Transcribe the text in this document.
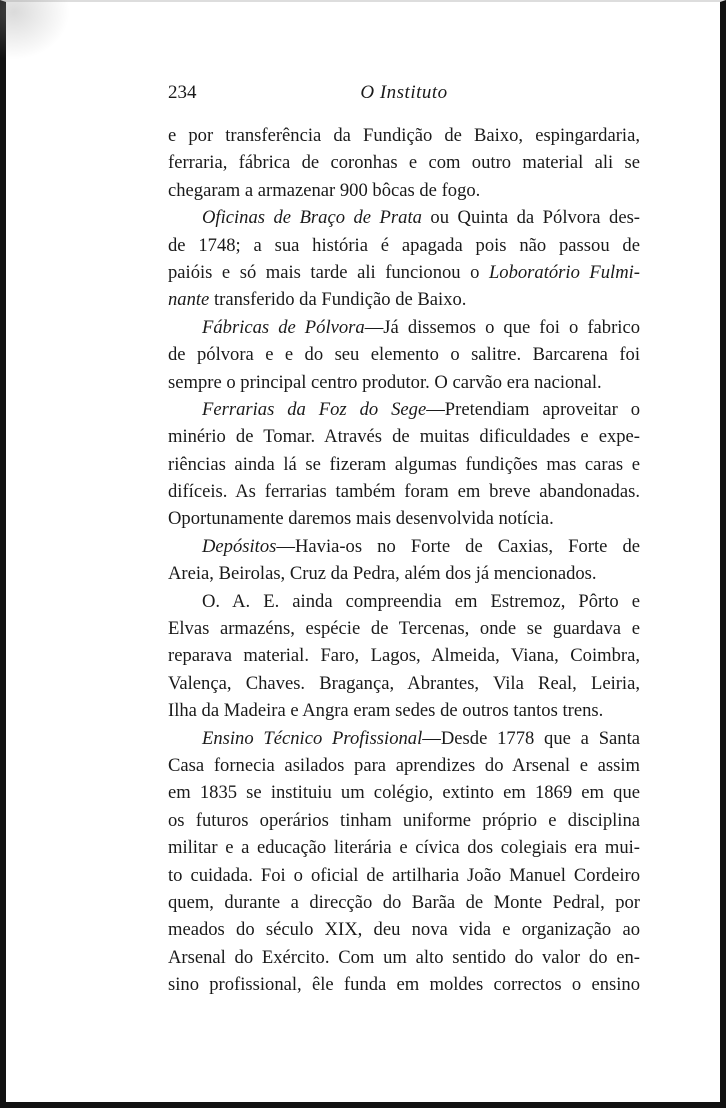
234	O Instituto
e por transferência da Fundição de Baixo, espingardaria,
ferraria, fábrica de coronhas e com outro material ali se
chegaram a armazenar 900 bôcas de fogo.
Oficinas de Braço de Prata ou Quinta da Pólvora des-
de 1748; a sua história é apagada pois não passou de
paióis e só mais tarde ali funcionou o Loboratório Fulmi-
nante transferido da Fundição de Baixo.
Fábricas de Pólvora—Já dissemos o que foi o fabrico
de pólvora e e do seu elemento o salitre. Barcarena foi
sempre o principal centro produtor. O carvão era nacional.
Ferrarias da Foz do Sege—Pretendiam aproveitar o
minério de Tomar. Através de muitas dificuldades e expe-
riências ainda lá se fizeram algumas fundições mas caras e
difíceis. As ferrarias também foram em breve abandonadas.
Oportunamente daremos mais desenvolvida notícia.
Depósitos—Havia-os no Forte de Caxias, Forte de
Areia, Beirolas, Cruz da Pedra, além dos já mencionados.
O. A. E. ainda compreendia em Estremoz, Pôrto e
Elvas armazéns, espécie de Tercenas, onde se guardava e
reparava material. Faro, Lagos, Almeida, Viana, Coimbra,
Valença, Chaves. Bragança, Abrantes, Vila Real, Leiria,
Ilha da Madeira e Angra eram sedes de outros tantos trens.
Ensino Técnico Profissional—Desde 1778 que a Santa
Casa fornecia asilados para aprendizes do Arsenal e assim
em 1835 se instituiu um colégio, extinto em 1869 em que
os futuros operários tinham uniforme próprio e disciplina
militar e a educação literária e cívica dos colegiais era mui-
to cuidada. Foi o oficial de artilharia João Manuel Cordeiro
quem, durante a direcção do Barãa de Monte Pedral, por
meados do século XIX, deu nova vida e organização ao
Arsenal do Exército. Com um alto sentido do valor do en-
sino profissional, êle funda em moldes correctos o ensino
